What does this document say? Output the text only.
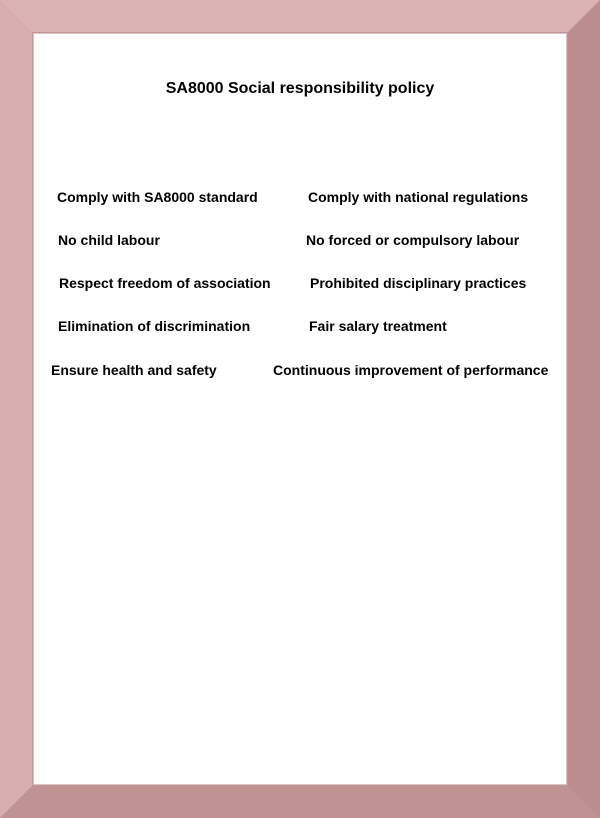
SA8000 Social responsibility policy
Comply with SA8000 standard	Comply with national regulations
No child labour	No forced or compulsory labour
Respect freedom of association	Prohibited disciplinary practices
Elimination of discrimination	Fair salary treatment
Ensure health and safety	Continuous improvement of performance
